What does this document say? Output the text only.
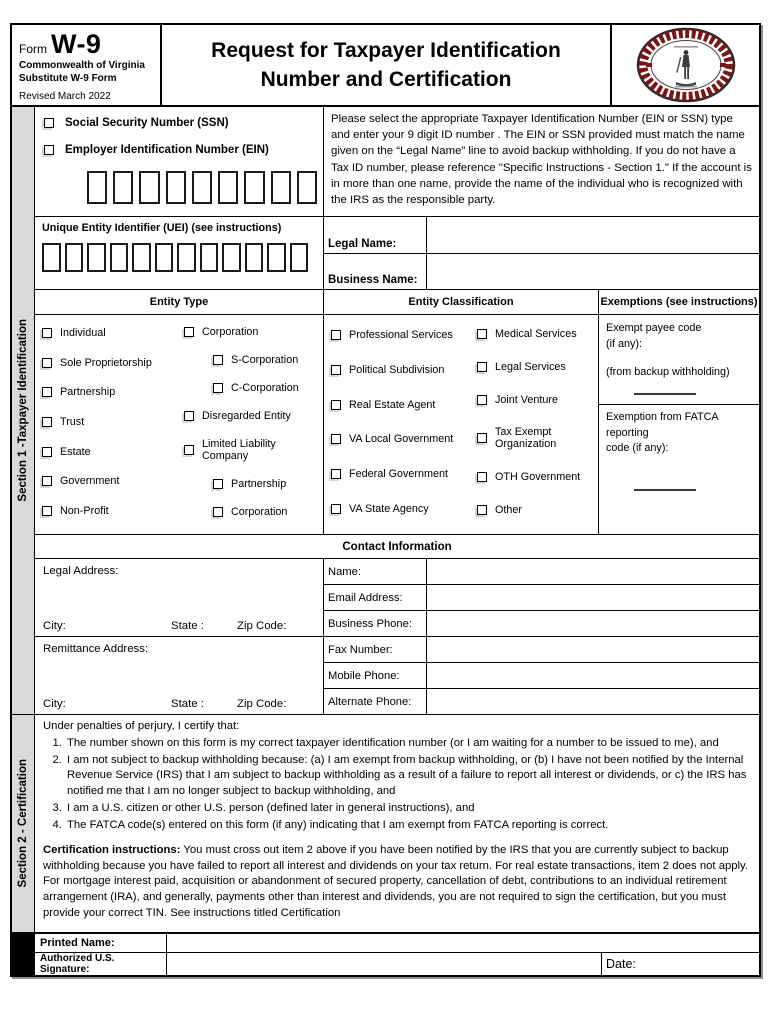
Form W-9
Commonwealth of Virginia
Substitute W-9 Form
Revised March 2022
Request for Taxpayer Identification
Number and Certification
Section 1 -Taxpayer Identification
Social Security Number (SSN)
Employer Identification Number (EIN)
Please select the appropriate Taxpayer Identification Number (EIN or SSN) type and enter your 9 digit ID number . The EIN or SSN provided must match the name given on the “Legal Name” line to avoid backup withholding. If you do not have a Tax ID number, please reference "Specific Instructions - Section 1." If the account is in more than one name, provide the name of the individual who is recognized with the IRS as the responsible party.
Unique Entity Identifier (UEI) (see instructions)
Legal Name:
Business Name:
Entity Type
Individual
Sole Proprietorship
Partnership
Trust
Estate
Government
Non-Profit
Corporation
S-Corporation
C-Corporation
Disregarded Entity
Limited Liability Company
Partnership
Corporation
Entity Classification
Professional Services
Political Subdivision
Real Estate Agent
VA Local Government
Federal Government
VA State Agency
Medical Services
Legal Services
Joint Venture
Tax Exempt Organization
OTH Government
Other
Exemptions (see instructions)
Exempt payee code
(if any):
(from backup withholding)
Exemption from FATCA reporting
code (if any):
Contact Information
Legal Address:
City:	State :	Zip Code:
Remittance Address:
City:	State :	Zip Code:
Name:
Email Address:
Business Phone:
Fax Number:
Mobile Phone:
Alternate Phone:
Section 2 - Certification
Under penalties of perjury, I certify that:
1. The number shown on this form is my correct taxpayer identification number (or I am waiting for a number to be issued to me), and
2. I am not subject to backup withholding because: (a) I am exempt from backup withholding, or (b) I have not been notified by the Internal Revenue Service (IRS) that I am subject to backup withholding as a result of a failure to report all interest or dividends, or c) the IRS has notified me that I am no longer subject to backup withholding, and
3. I am a U.S. citizen or other U.S. person (defined later in general instructions), and
4. The FATCA code(s) entered on this form (if any) indicating that I am exempt from FATCA reporting is correct.
Certification instructions: You must cross out item 2 above if you have been notified by the IRS that you are currently subject to backup withholding because you have failed to report all interest and dividends on your tax return. For real estate transactions, item 2 does not apply. For mortgage interest paid, acquisition or abandonment of secured property, cancellation of debt, contributions to an individual retirement arrangement (IRA), and generally, payments other than interest and dividends, you are not required to sign the certification, but you must provide your correct TIN. See instructions titled Certification
Printed Name:
Authorized U.S. Signature:	Date:
